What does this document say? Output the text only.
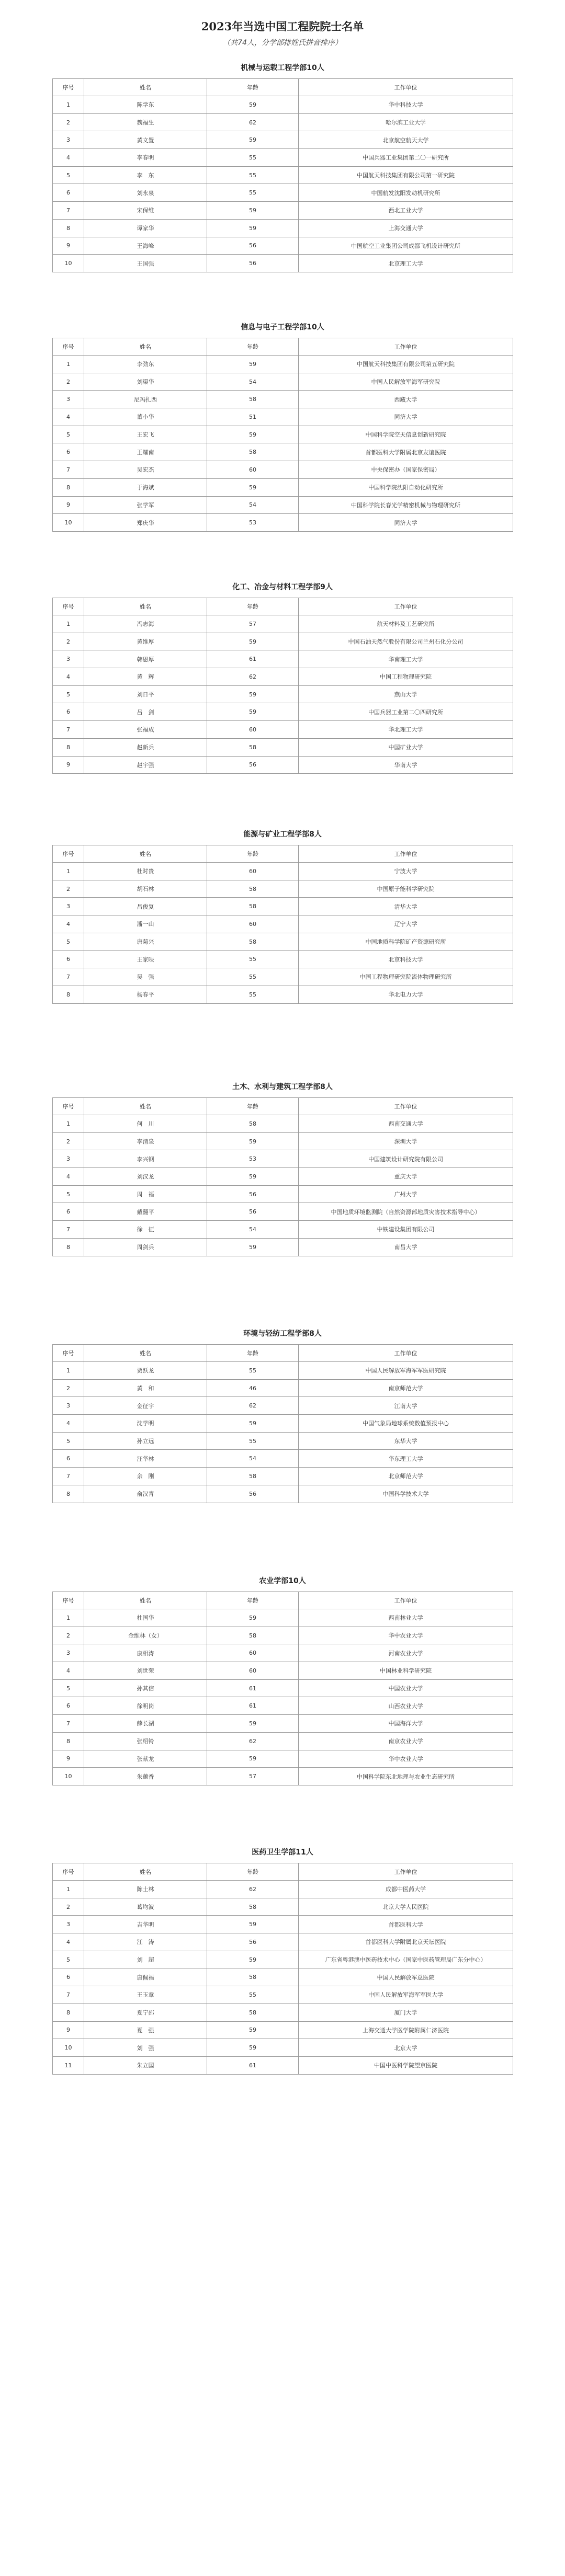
2023年当选中国工程院院士名单

（共74人，分学部排姓氏拼音排序）

机械与运载工程学部10人
序号	姓名	年龄	工作单位
1	陈学东	59	华中科技大学
2	魏福生	62	哈尔滨工业大学
3	黄文置	59	北京航空航天大学
4	李春明	55	中国兵器工业集团第二〇一研究所
5	李　东	55	中国航天科技集团有限公司第一研究院
6	刘永泉	55	中国航发沈阳发动机研究所
7	宋保维	59	西北工业大学
8	谭家华	59	上海交通大学
9	王海峰	56	中国航空工业集团公司成都飞机设计研究所
10	王国强	56	北京理工大学
信息与电子工程学部10人
序号	姓名	年龄	工作单位
1	李劲东	59	中国航天科技集团有限公司第五研究院
2	刘渠华	54	中国人民解放军海军研究院
3	尼玛扎西	58	西藏大学
4	董小华	51	同济大学
5	王宏飞	59	中国科学院空天信息创新研究院
6	王耀南	58	首都医科大学附属北京友谊医院
7	吴宏杰	60	中央保密办（国家保密局）
8	于海斌	59	中国科学院沈阳自动化研究所
9	张学军	54	中国科学院长春光学精密机械与物理研究所
10	郑庆华	53	同济大学
化工、冶金与材料工程学部9人
序号	姓名	年龄	工作单位
1	冯志海	57	航天材料及工艺研究所
2	黄维厚	59	中国石油天然气股份有限公司兰州石化分公司
3	韩恩厚	61	华南理工大学
4	黄　辉	62	中国工程物理研究院
5	刘日平	59	燕山大学
6	吕　剑	59	中国兵器工业第二〇四研究所
7	张福成	60	华北理工大学
8	赵新兵	58	中国矿业大学
9	赵宇强	56	华南大学
能源与矿业工程学部8人
序号	姓名	年龄	工作单位
1	杜时贵	60	宁波大学
2	胡石林	58	中国原子能科学研究院
3	昌俊复	58	清华大学
4	潘一山	60	辽宁大学
5	唐菊兴	58	中国地质科学院矿产资源研究所
6	王家映	55	北京科技大学
7	吴　强	55	中国工程物理研究院流体物理研究所
8	杨春平	55	华北电力大学
土木、水利与建筑工程学部8人
序号	姓名	年龄	工作单位
1	何　川	58	西南交通大学
2	李清泉	59	深圳大学
3	李兴钢	53	中国建筑设计研究院有限公司
4	刘汉龙	59	重庆大学
5	周　福	56	广州大学
6	戴翻平	56	中国地质环境监测院（自然资源部地质灾害技术指导中心）
7	徐　征	54	中铁建设集团有限公司
8	周剑兵	59	南昌大学
环境与轻纺工程学部8人
序号	姓名	年龄	工作单位
1	贾跃龙	55	中国人民解放军海军军医研究院
2	黄　和	46	南京师范大学
3	金征宇	62	江南大学
4	沈学明	59	中国气象局地球系统数值预报中心
5	孙立远	55	东华大学
6	汪华林	54	华东理工大学
7	余　刚	58	北京师范大学
8	俞汉青	56	中国科学技术大学
农业学部10人
序号	姓名	年龄	工作单位
1	杜国华	59	西南林业大学
2	金维林（女）	58	华中农业大学
3	康相涛	60	河南农业大学
4	刘世荣	60	中国林业科学研究院
5	孙其信	61	中国农业大学
6	徐明岗	61	山西农业大学
7	薛长湖	59	中国海洋大学
8	张绍铃	62	南京农业大学
9	张献龙	59	华中农业大学
10	朱蕙香	57	中国科学院东北地理与农业生态研究所
医药卫生学部11人
序号	姓名	年龄	工作单位
1	陈士林	62	成都中医药大学
2	葛均波	58	北京大学人民医院
3	吉华明	59	首都医科大学
4	江　涛	56	首都医科大学附属北京天坛医院
5	刘　超	59	广东省粤港澳中医药技术中心（国家中医药管理局广东分中心）
6	唐佩福	58	中国人民解放军总医院
7	王玉章	55	中国人民解放军海军军医大学
8	夏宁邵	58	厦门大学
9	夏　强	59	上海交通大学医学院附属仁济医院
10	刘　强	59	北京大学
11	朱立国	61	中国中医科学院望京医院
